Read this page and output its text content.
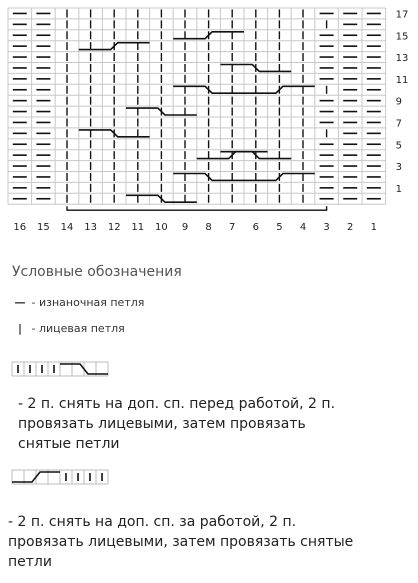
17
15
13
11
9
7
5
3
1
16 15 14 13 12 11 10 9 8 7 6 5 4 3 2 1
Условные обозначения
— - изнаночная петля
| - лицевая петля
- 2 п. снять на доп. сп. перед работой, 2 п.
провязать лицевыми, затем провязать
снятые петли
- 2 п. снять на доп. сп. за работой, 2 п.
провязать лицевыми, затем провязать снятые
петли
